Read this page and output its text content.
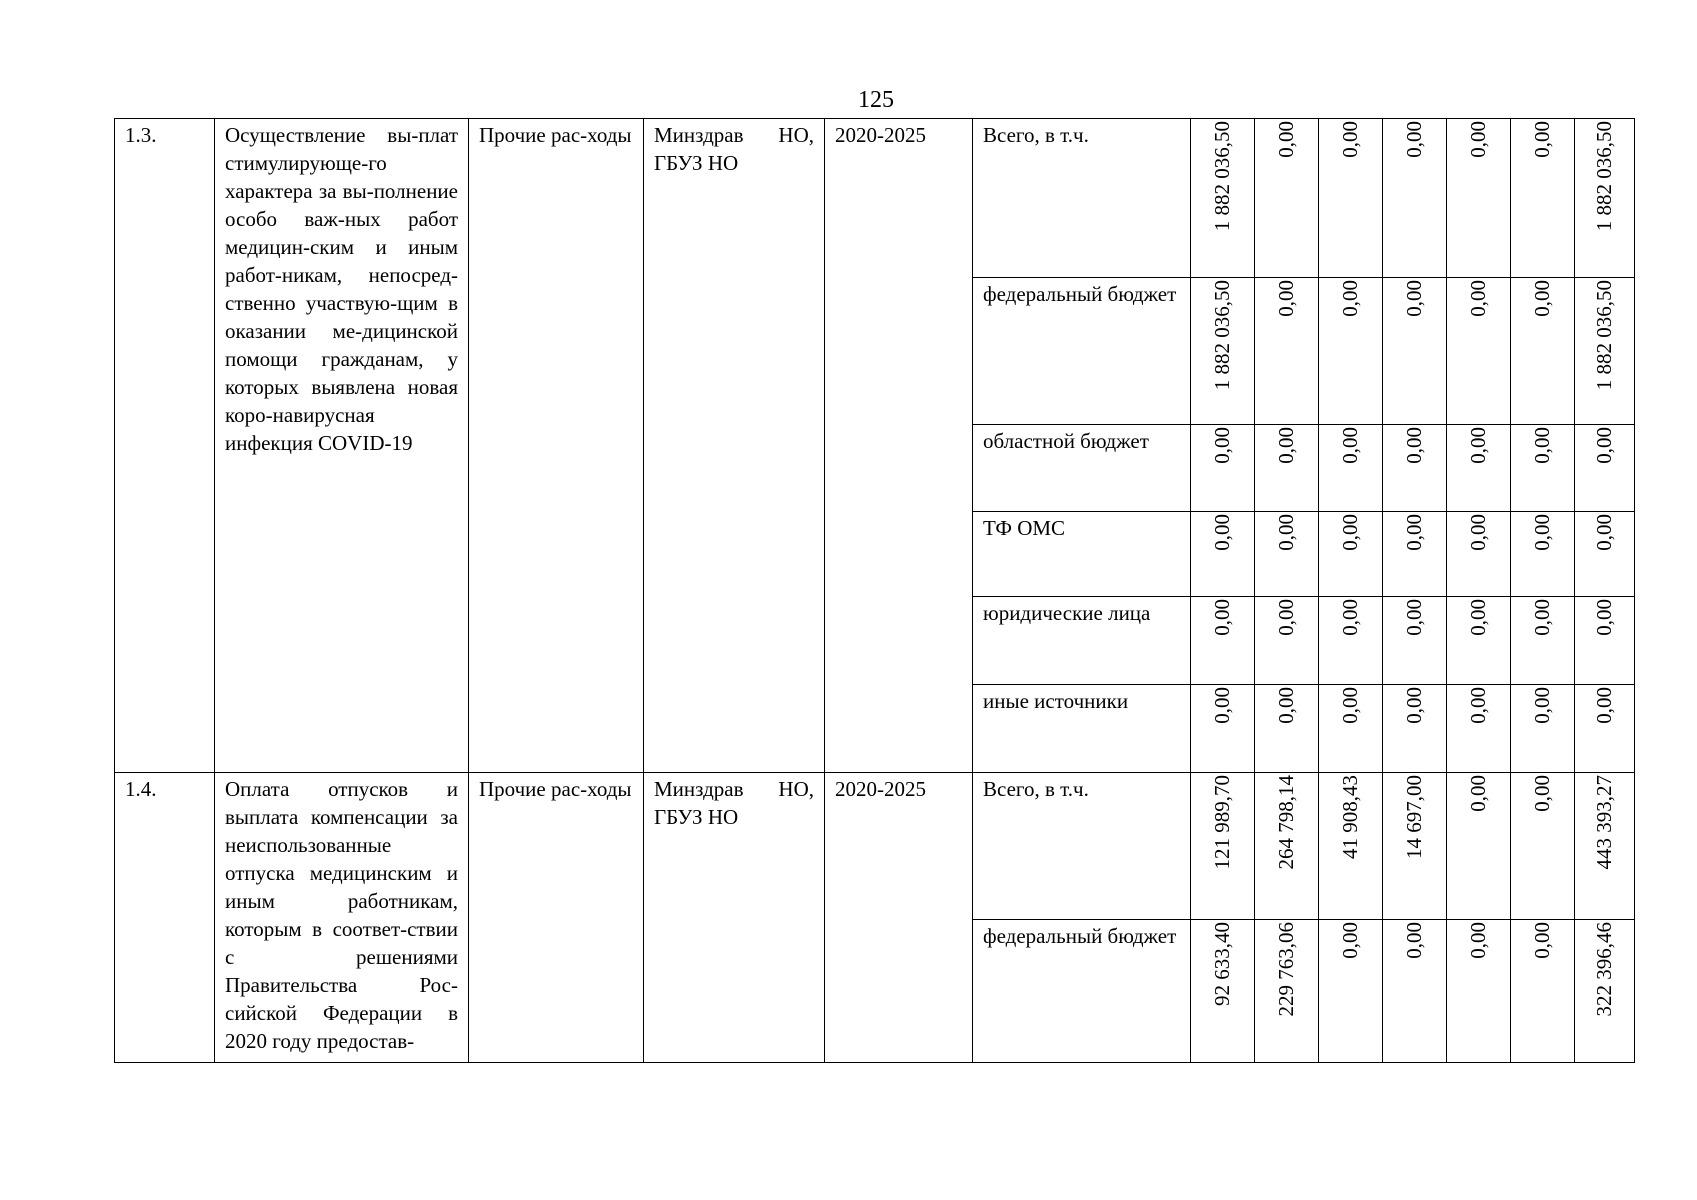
125
1.3.	Осуществление вы-плат стимулирующе-го характера за вы-полнение особо важ-ных работ медицин-ским и иным работ-никам, непосред-ственно участвую-щим в оказании ме-дицинской помощи гражданам, у которых выявлена новая коро-навирусная инфекция COVID-19	Прочие рас-ходы	Минздрав НО, ГБУЗ НО	2020-2025	Всего, в т.ч.	1 882 036,50	0,00	0,00	0,00	0,00	0,00	1 882 036,50
					федеральный бюджет	1 882 036,50	0,00	0,00	0,00	0,00	0,00	1 882 036,50
					областной бюджет	0,00	0,00	0,00	0,00	0,00	0,00	0,00
					ТФ ОМС	0,00	0,00	0,00	0,00	0,00	0,00	0,00
					юридические лица	0,00	0,00	0,00	0,00	0,00	0,00	0,00
					иные источники	0,00	0,00	0,00	0,00	0,00	0,00	0,00
1.4.	Оплата отпусков и выплата компенсации за неиспользованные отпуска медицинским и иным работникам, которым в соответ-ствии с решениями Правительства Рос-сийской Федерации в 2020 году предостав-	Прочие рас-ходы	Минздрав НО, ГБУЗ НО	2020-2025	Всего, в т.ч.	121 989,70	264 798,14	41 908,43	14 697,00	0,00	0,00	443 393,27
					федеральный бюджет	92 633,40	229 763,06	0,00	0,00	0,00	0,00	322 396,46
